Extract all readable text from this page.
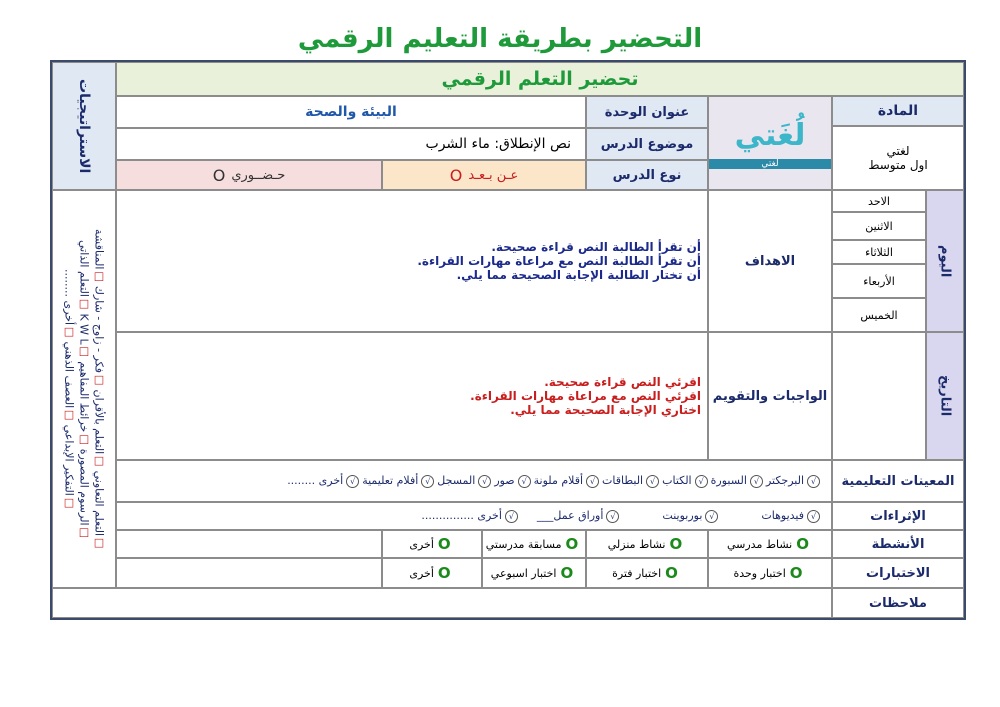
التحضير بطريقة التعليم الرقمي
تحضير التعلم الرقمي
الاستراتيجيات
□التعلم التعاوني □التعلم بالأقران □فكر - زاوج - شارك □المناقشة
□الرسوم المصورة □خرائط المفاهيم □K W L □التعلم الذاتي
□التفكير الإبداعي □العصف الذهني □أخرى ........
المادة
لغتي
اول متوسط
لُغَتي
لغتي
عنوان الوحدة
البيئة والصحة
موضوع الدرس
نص الإنطلاق: ماء الشرب
نوع الدرس
عـن بـعـد
O
حـضــوري
O
اليوم
الاحد
الاثنين
الثلاثاء
الأربعاء
الخميس
التاريخ
الاهداف
أن تقرأ الطالبة النص قراءة صحيحة.
أن تقرأ الطالبة النص مع مراعاة مهارات القراءة.
أن تختار الطالبة الإجابة الصحيحة مما يلي.
الواجبات والتقويم
اقرئي النص قراءة صحيحة.
اقرئي النص مع مراعاة مهارات القراءة.
اختاري الإجابة الصحيحة مما يلي.
المعينات التعليمية
√البرجكتر
√السبورة
√الكتاب
√البطاقات
√أقلام ملونة
√صور
√المسجل
√أفلام تعليمية
√أخرى ........
الإثراءات
√فيديوهات
√بوربوينت
√أوراق عمل___
√أخرى ...............
الأنشطة
O
نشاط مدرسي
O
نشاط منزلي
O
مسابقة مدرستي
O
أخرى
الاختبارات
O
اختبار وحدة
O
اختبار فترة
O
اختبار اسبوعي
O
أخرى
ملاحظات
